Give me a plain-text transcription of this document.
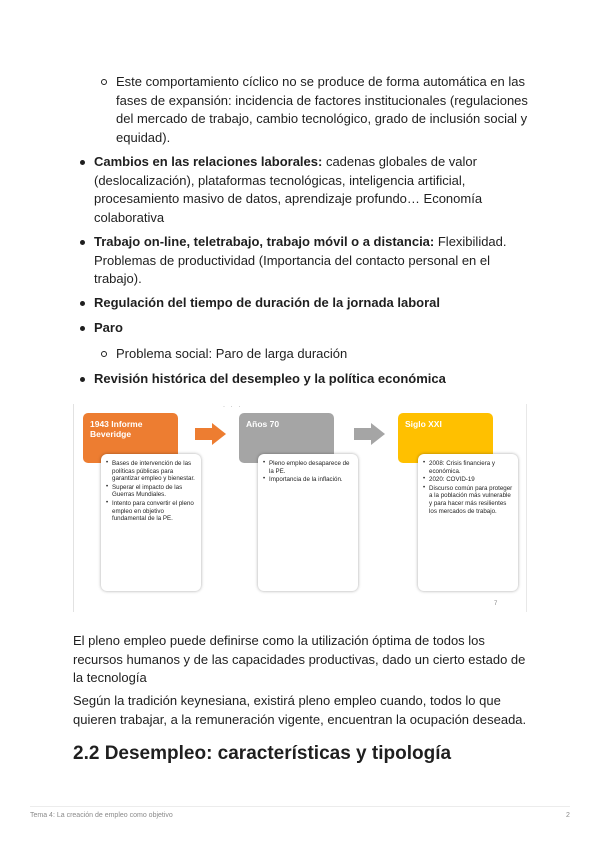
Este comportamiento cíclico no se produce de forma automática en las fases de expansión: incidencia de factores institucionales (regulaciones del mercado de trabajo, cambio tecnológico, grado de inclusión social y equidad).
Cambios en las relaciones laborales: cadenas globales de valor (deslocalización), plataformas tecnológicas, inteligencia artificial, procesamiento masivo de datos, aprendizaje profundo… Economía colaborativa
Trabajo on-line, teletrabajo, trabajo móvil o a distancia: Flexibilidad. Problemas de productividad (Importancia del contacto personal en el trabajo).
Regulación del tiempo de duración de la jornada laboral
Paro
Problema social: Paro de larga duración
Revisión histórica del desempleo y la política económica
· · ·
1943 Informe Beveridge
• Bases de intervención de las políticas públicas para garantizar empleo y bienestar.
• Superar el impacto de las Guerras Mundiales.
• Intento para convertir el pleno empleo en objetivo fundamental de la PE.
Años 70
• Pleno empleo desaparece de la PE.
• Importancia de la inflación.
Siglo XXI
• 2008: Crisis financiera y económica.
• 2020: COVID-19
• Discurso común para proteger a la población más vulnerable y para hacer más resilientes los mercados de trabajo.
7
El pleno empleo puede definirse como la utilización óptima de todos los recursos humanos y de las capacidades productivas, dado un cierto estado de la tecnología
Según la tradición keynesiana, existirá pleno empleo cuando, todos lo que quieren trabajar, a la remuneración vigente, encuentran la ocupación deseada.
2.2 Desempleo: características y tipología
Tema 4: La creación de empleo como objetivo	2
